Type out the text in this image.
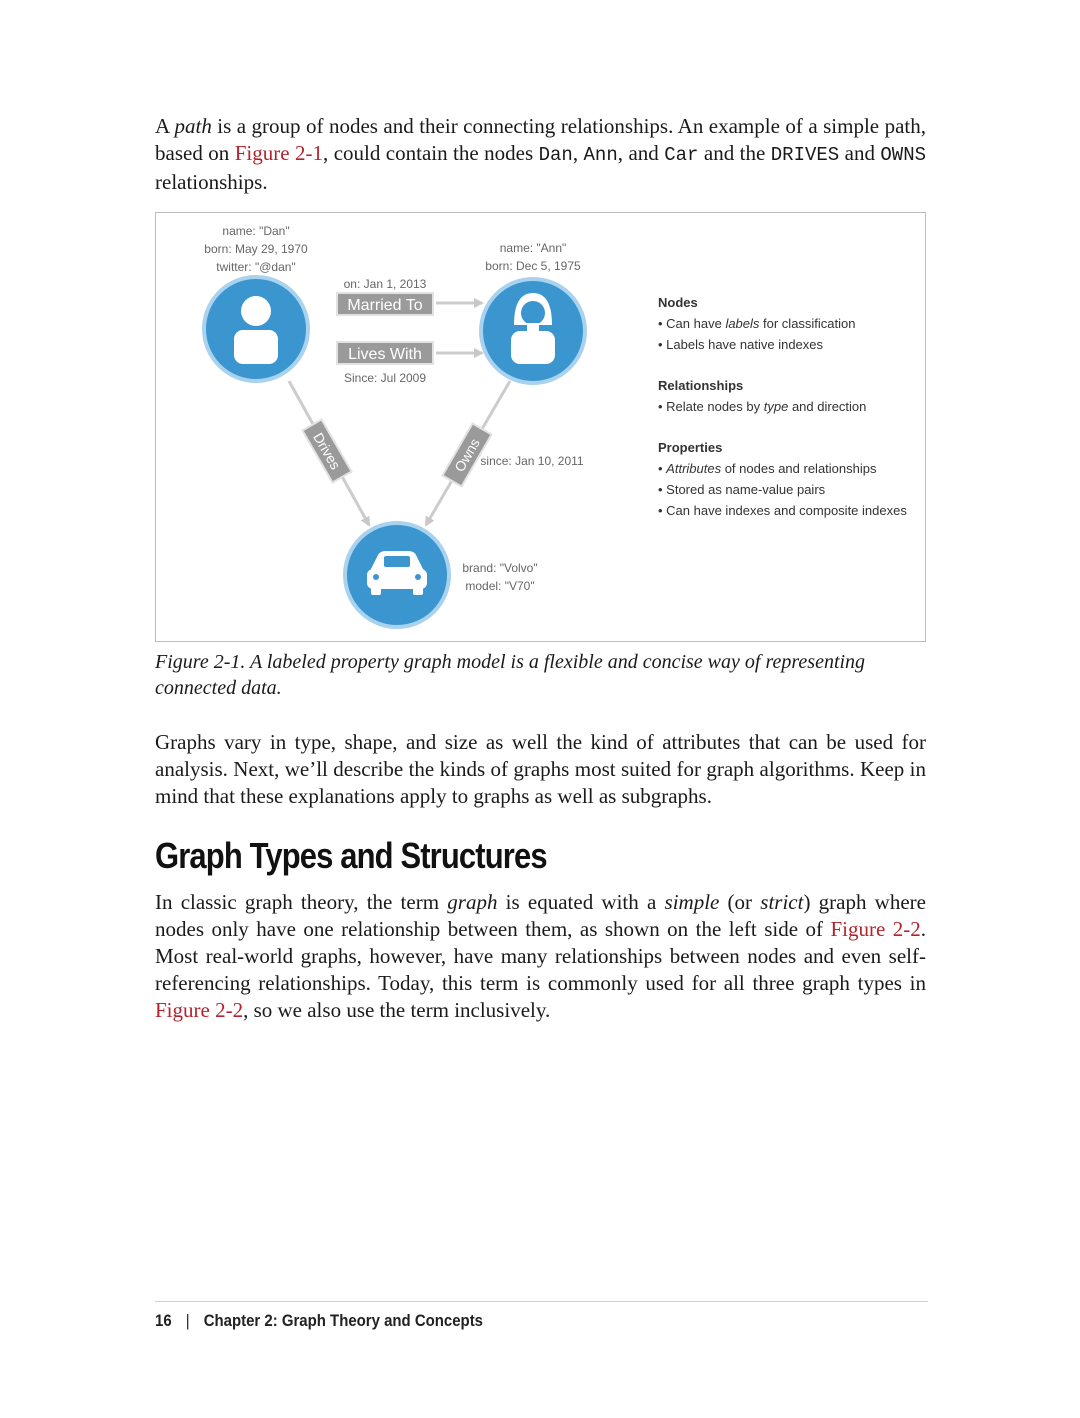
A path is a group of nodes and their connecting relationships. An example of a simple path, based on Figure 2-1, could contain the nodes Dan, Ann, and Car and the DRIVES and OWNS relationships.

Married To
on: Jan 1, 2013
Lives With
Since: Jul 2009
Drives	Owns
since: Jan 10, 2011
name: "Dan"
born: May 29, 1970
twitter: "@dan"
name: "Ann"
born: Dec 5, 1975
brand: "Volvo"
model: "V70"
Nodes
• Can have labels for classification
• Labels have native indexes
Relationships
• Relate nodes by type and direction
Properties
• Attributes of nodes and relationships
• Stored as name-value pairs
• Can have indexes and composite indexes

Figure 2-1. A labeled property graph model is a flexible and concise way of representing connected data.

Graphs vary in type, shape, and size as well the kind of attributes that can be used for analysis. Next, we’ll describe the kinds of graphs most suited for graph algorithms. Keep in mind that these explanations apply to graphs as well as subgraphs.

Graph Types and Structures

In classic graph theory, the term graph is equated with a simple (or strict) graph where nodes only have one relationship between them, as shown on the left side of Figure 2-2. Most real-world graphs, however, have many relationships between nodes and even self-referencing relationships. Today, this term is commonly used for all three graph types in Figure 2-2, so we also use the term inclusively.

16 | Chapter 2: Graph Theory and Concepts
